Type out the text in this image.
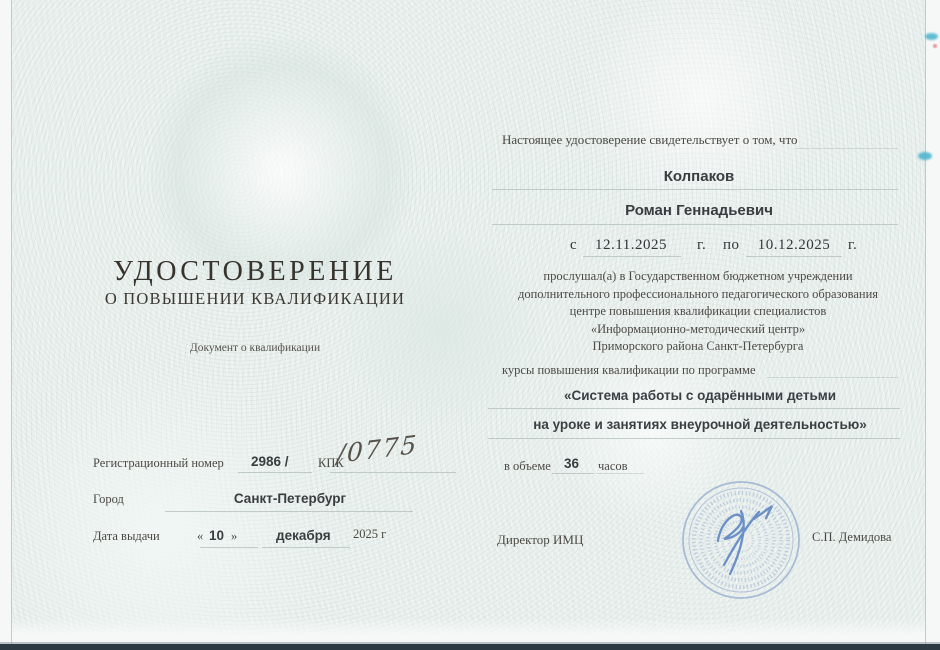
УДОСТОВЕРЕНИЕ
О ПОВЫШЕНИИ КВАЛИФИКАЦИИ
Документ о квалификации
Регистрационный номер 2986 / КПК
/0775
Город	Санкт-Петербург
Дата выдачи	« 10 »	декабря 2025 г
Настоящее удостоверение свидетельствует о том, что
Колпаков
Роман Геннадьевич
с	12.11.2025	г. по	10.12.2025	г.
прослушал(а) в Государственном бюджетном учреждении
дополнительного профессионального педагогического образования
центре повышения квалификации специалистов
«Информационно-методический центр»
Приморского района Санкт-Петербурга
курсы повышения квалификации по программе
«Система работы с одарёнными детьми
на уроке и занятиях внеурочной деятельностью»
в объеме 36 часов
Директор ИМЦ	С.П. Демидова
